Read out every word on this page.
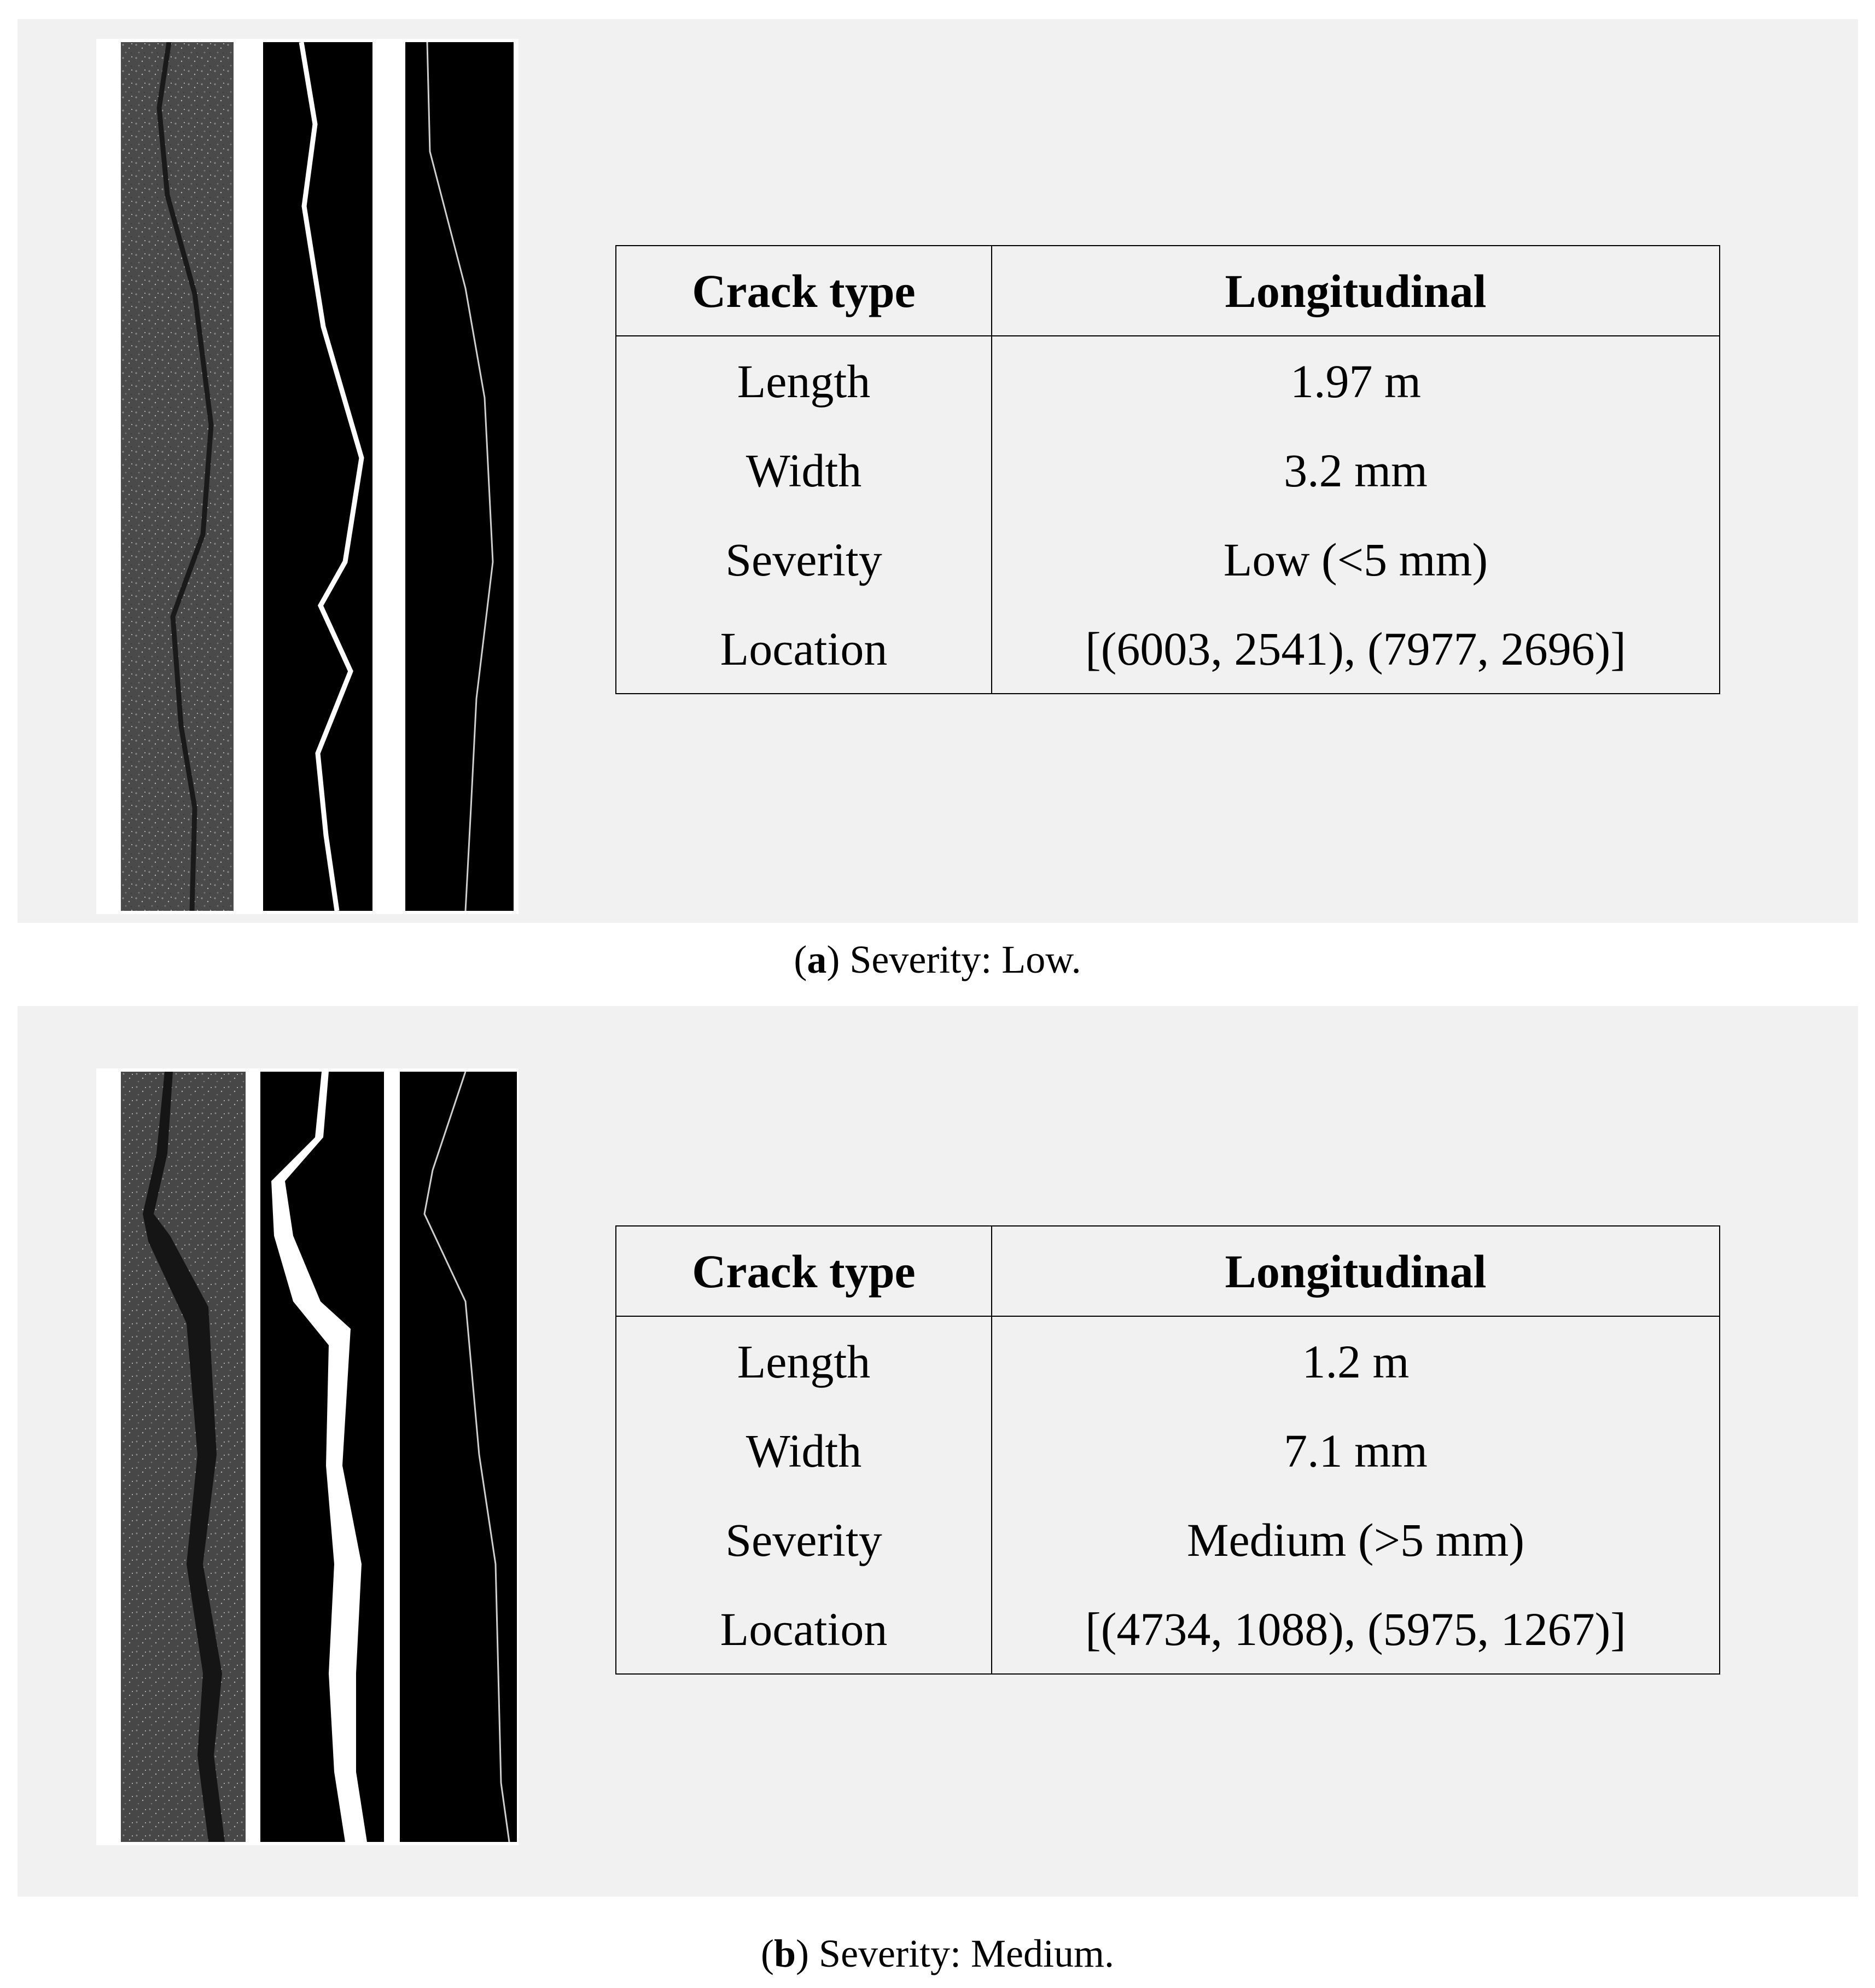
Crack type	Longitudinal
Length	1.97 m
Width	3.2 mm
Severity	Low (<5 mm)
Location	[(6003, 2541), (7977, 2696)]
(a) Severity: Low.
Crack type	Longitudinal
Length	1.2 m
Width	7.1 mm
Severity	Medium (>5 mm)
Location	[(4734, 1088), (5975, 1267)]
(b) Severity: Medium.
